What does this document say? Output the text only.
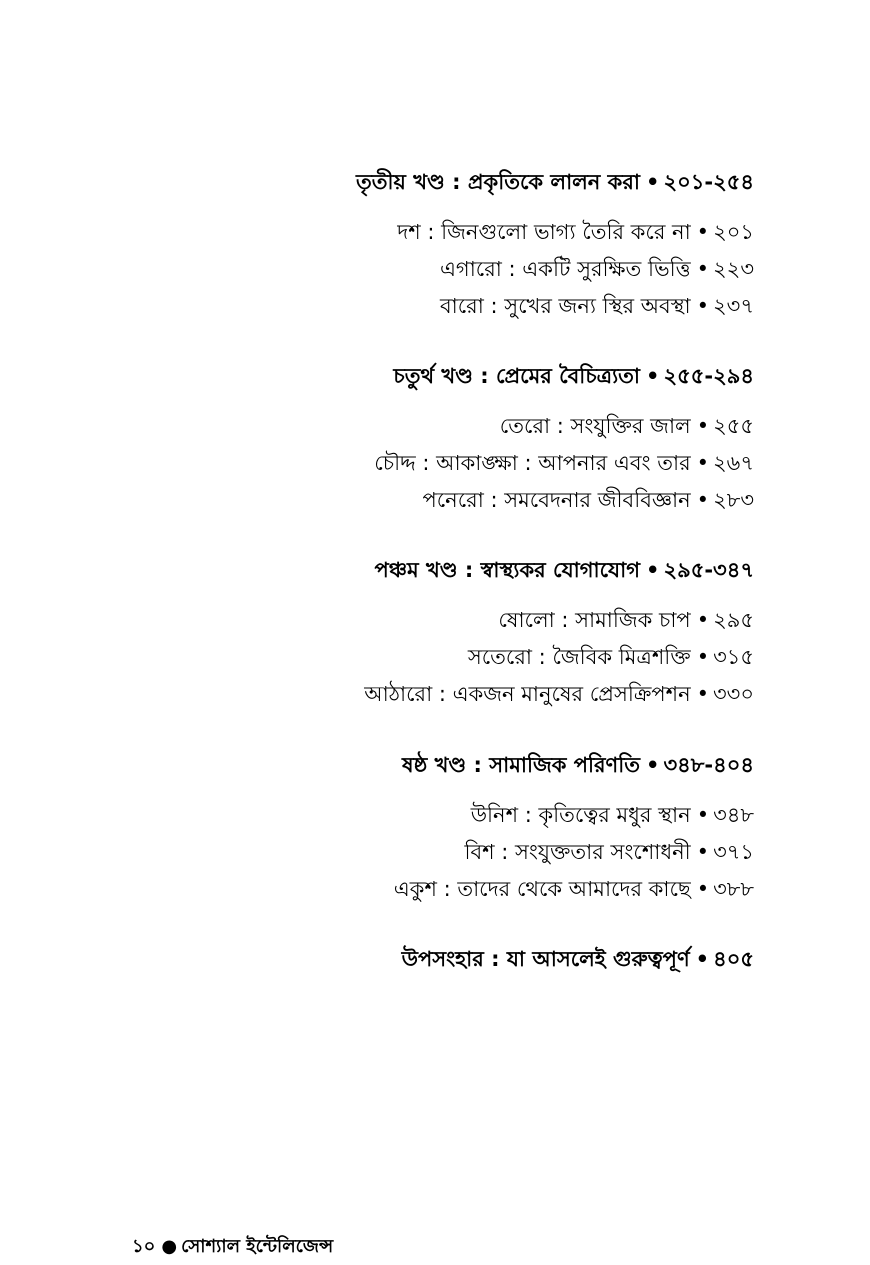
তৃতীয় খণ্ড : প্রকৃতিকে লালন করা • ২০১-২৫৪
দশ : জিনগুলো ভাগ্য তৈরি করে না • ২০১
এগারো : একটি সুরক্ষিত ভিত্তি • ২২৩
বারো : সুখের জন্য স্থির অবস্থা • ২৩৭
চতুর্থ খণ্ড : প্রেমের বৈচিত্র্যতা • ২৫৫-২৯৪
তেরো : সংযুক্তির জাল • ২৫৫
চৌদ্দ : আকাঙ্ক্ষা : আপনার এবং তার • ২৬৭
পনেরো : সমবেদনার জীববিজ্ঞান • ২৮৩
পঞ্চম খণ্ড : স্বাস্থ্যকর যোগাযোগ • ২৯৫-৩৪৭
ষোলো : সামাজিক চাপ • ২৯৫
সতেরো : জৈবিক মিত্রশক্তি • ৩১৫
আঠারো : একজন মানুষের প্রেসক্রিপশন • ৩৩০
ষষ্ঠ খণ্ড : সামাজিক পরিণতি • ৩৪৮-৪০৪
উনিশ : কৃতিত্বের মধুর স্থান • ৩৪৮
বিশ : সংযুক্ততার সংশোধনী • ৩৭১
একুশ : তাদের থেকে আমাদের কাছে • ৩৮৮
উপসংহার : যা আসলেই গুরুত্বপূর্ণ • ৪০৫
১০ ● সোশ্যাল ইন্টেলিজেন্স
